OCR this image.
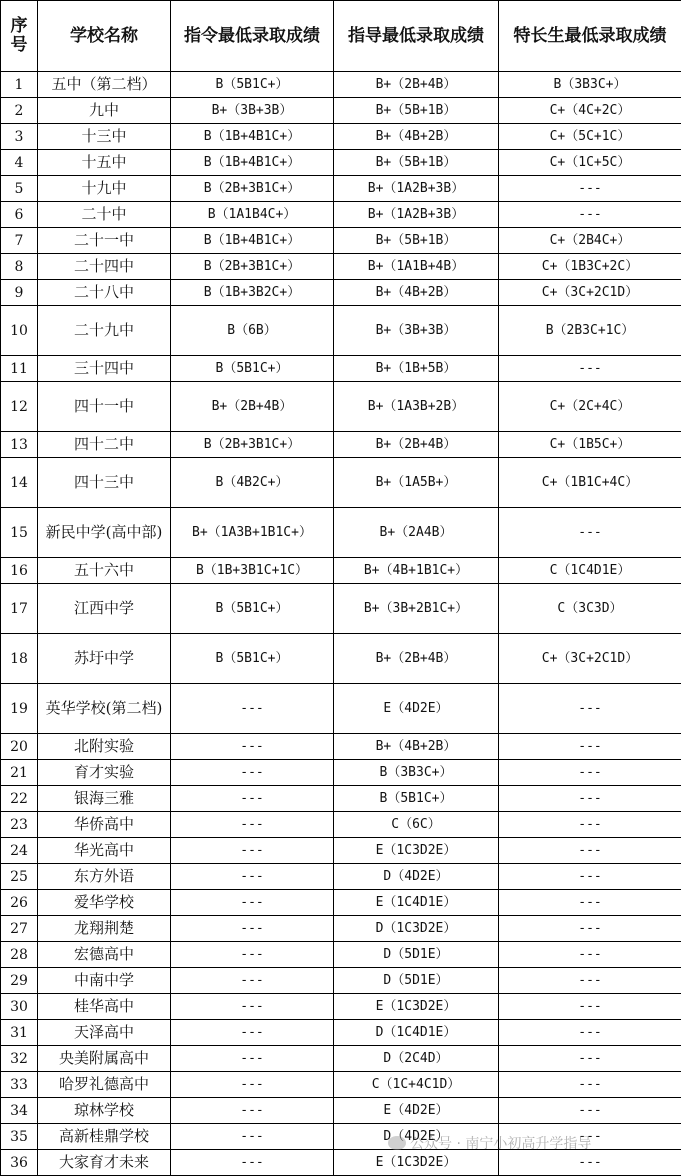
序号	学校名称	指令最低录取成绩	指导最低录取成绩	特长生最低录取成绩
1	五中（第二档）	B（5B1C+）	B+（2B+4B）	B（3B3C+）
2	九中	B+（3B+3B）	B+（5B+1B）	C+（4C+2C）
3	十三中	B（1B+4B1C+）	B+（4B+2B）	C+（5C+1C）
4	十五中	B（1B+4B1C+）	B+（5B+1B）	C+（1C+5C）
5	十九中	B（2B+3B1C+）	B+（1A2B+3B）	---
6	二十中	B（1A1B4C+）	B+（1A2B+3B）	---
7	二十一中	B（1B+4B1C+）	B+（5B+1B）	C+（2B4C+）
8	二十四中	B（2B+3B1C+）	B+（1A1B+4B）	C+（1B3C+2C）
9	二十八中	B（1B+3B2C+）	B+（4B+2B）	C+（3C+2C1D）
10	二十九中	B（6B）	B+（3B+3B）	B（2B3C+1C）
11	三十四中	B（5B1C+）	B+（1B+5B）	---
12	四十一中	B+（2B+4B）	B+（1A3B+2B）	C+（2C+4C）
13	四十二中	B（2B+3B1C+）	B+（2B+4B）	C+（1B5C+）
14	四十三中	B（4B2C+）	B+（1A5B+）	C+（1B1C+4C）
15	新民中学(高中部)	B+（1A3B+1B1C+）	B+（2A4B）	---
16	五十六中	B（1B+3B1C+1C）	B+（4B+1B1C+）	C（1C4D1E）
17	江西中学	B（5B1C+）	B+（3B+2B1C+）	C（3C3D）
18	苏圩中学	B（5B1C+）	B+（2B+4B）	C+（3C+2C1D）
19	英华学校(第二档)	---	E（4D2E）	---
20	北附实验	---	B+（4B+2B）	---
21	育才实验	---	B（3B3C+）	---
22	银海三雅	---	B（5B1C+）	---
23	华侨高中	---	C（6C）	---
24	华光高中	---	E（1C3D2E）	---
25	东方外语	---	D（4D2E）	---
26	爱华学校	---	E（1C4D1E）	---
27	龙翔荆楚	---	D（1C3D2E）	---
28	宏德高中	---	D（5D1E）	---
29	中南中学	---	D（5D1E）	---
30	桂华高中	---	E（1C3D2E）	---
31	天泽高中	---	D（1C4D1E）	---
32	央美附属高中	---	D（2C4D）	---
33	哈罗礼德高中	---	C（1C+4C1D）	---
34	琼林学校	---	E（4D2E）	---
35	高新桂鼎学校	---	D（4D2E）	---
36	大家育才未来	---	E（1C3D2E）	---
公众号 · 南宁小初高升学指导
